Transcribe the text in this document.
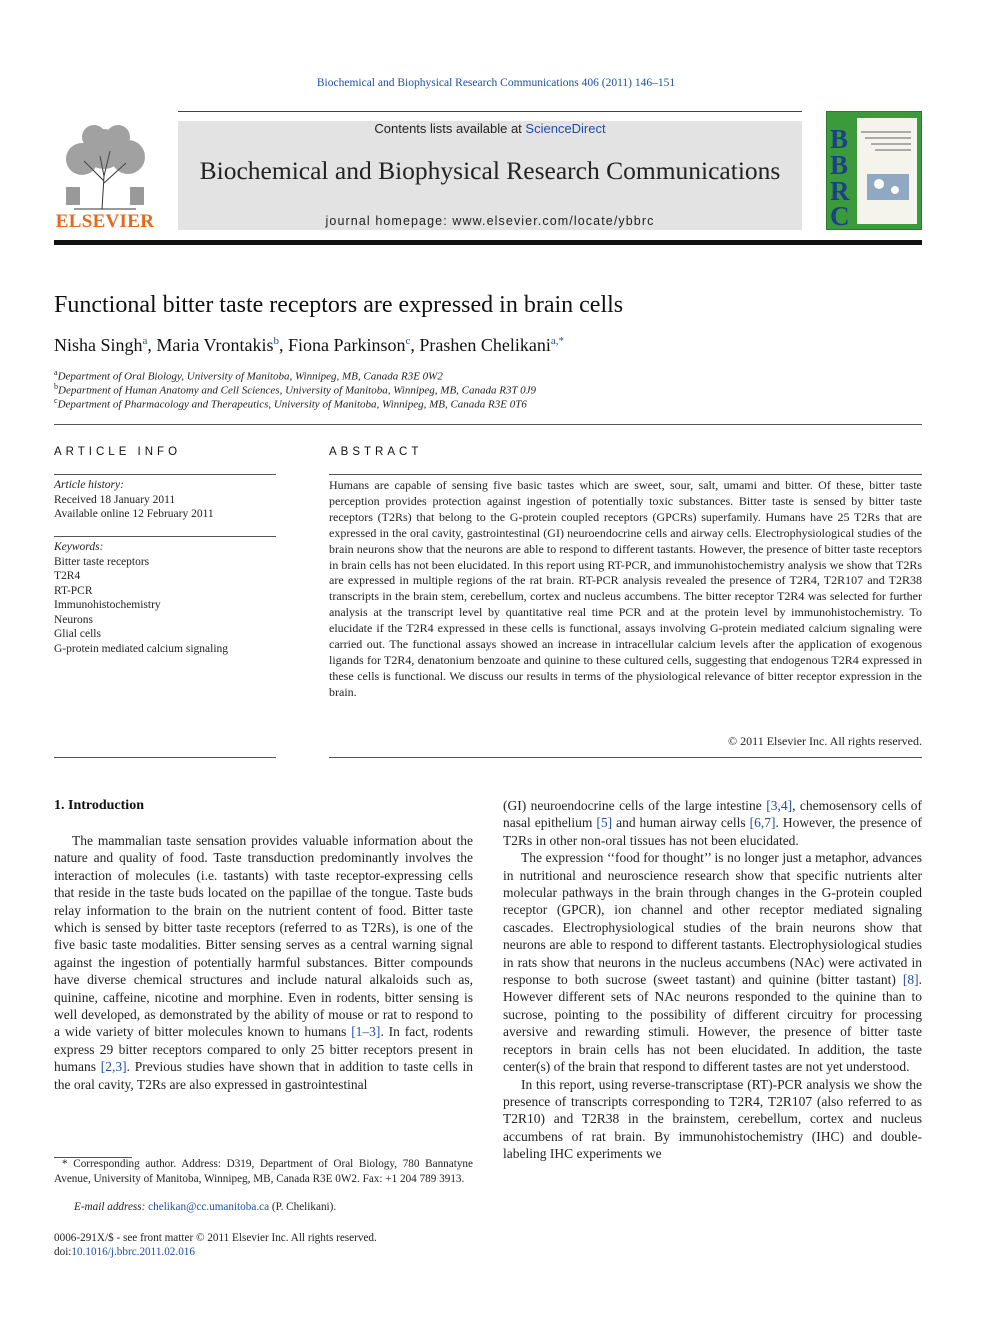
Biochemical and Biophysical Research Communications 406 (2011) 146–151
ELSEVIER
Contents lists available at ScienceDirect
Biochemical and Biophysical Research Communications
journal homepage: www.elsevier.com/locate/ybbrc
B
B
R
C
Functional bitter taste receptors are expressed in brain cells
Nisha Singh$^a$, Maria Vrontakis$^b$, Fiona Parkinson$^c$, Prashen Chelikani$^{a,*}$
$^a$Department of Oral Biology, University of Manitoba, Winnipeg, MB, Canada R3E 0W2
$^b$Department of Human Anatomy and Cell Sciences, University of Manitoba, Winnipeg, MB, Canada R3T 0J9
$^c$Department of Pharmacology and Therapeutics, University of Manitoba, Winnipeg, MB, Canada R3E 0T6
ARTICLE INFO
Article history:
Received 18 January 2011
Available online 12 February 2011
Keywords:
Bitter taste receptors
T2R4
RT-PCR
Immunohistochemistry
Neurons
Glial cells
G-protein mediated calcium signaling
ABSTRACT
Humans are capable of sensing five basic tastes which are sweet, sour, salt, umami and bitter. Of these, bitter taste perception provides protection against ingestion of potentially toxic substances. Bitter taste is sensed by bitter taste receptors (T2Rs) that belong to the G-protein coupled receptors (GPCRs) superfamily. Humans have 25 T2Rs that are expressed in the oral cavity, gastrointestinal (GI) neuroendocrine cells and airway cells. Electrophysiological studies of the brain neurons show that the neurons are able to respond to different tastants. However, the presence of bitter taste receptors in brain cells has not been elucidated. In this report using RT-PCR, and immunohistochemistry analysis we show that T2Rs are expressed in multiple regions of the rat brain. RT-PCR analysis revealed the presence of T2R4, T2R107 and T2R38 transcripts in the brain stem, cerebellum, cortex and nucleus accumbens. The bitter receptor T2R4 was selected for further analysis at the transcript level by quantitative real time PCR and at the protein level by immunohistochemistry. To elucidate if the T2R4 expressed in these cells is functional, assays involving G-protein mediated calcium signaling were carried out. The functional assays showed an increase in intracellular calcium levels after the application of exogenous ligands for T2R4, denatonium benzoate and quinine to these cultured cells, suggesting that endogenous T2R4 expressed in these cells is functional. We discuss our results in terms of the physiological relevance of bitter receptor expression in the brain.
© 2011 Elsevier Inc. All rights reserved.
1. Introduction

The mammalian taste sensation provides valuable information about the nature and quality of food. Taste transduction predominantly involves the interaction of molecules (i.e. tastants) with taste receptor-expressing cells that reside in the taste buds located on the papillae of the tongue. Taste buds relay information to the brain on the nutrient content of food. Bitter taste which is sensed by bitter taste receptors (referred to as T2Rs), is one of the five basic taste modalities. Bitter sensing serves as a central warning signal against the ingestion of potentially harmful substances. Bitter compounds have diverse chemical structures and include natural alkaloids such as, quinine, caffeine, nicotine and morphine. Even in rodents, bitter sensing is well developed, as demonstrated by the ability of mouse or rat to respond to a wide variety of bitter molecules known to humans [1–3]. In fact, rodents express 29 bitter receptors compared to only 25 bitter receptors present in humans [2,3]. Previous studies have shown that in addition to taste cells in the oral cavity, T2Rs are also expressed in gastrointestinal

(GI) neuroendocrine cells of the large intestine [3,4], chemosensory cells of nasal epithelium [5] and human airway cells [6,7]. However, the presence of T2Rs in other non-oral tissues has not been elucidated.

The expression ‘‘food for thought’’ is no longer just a metaphor, advances in nutritional and neuroscience research show that specific nutrients alter molecular pathways in the brain through changes in the G-protein coupled receptor (GPCR), ion channel and other receptor mediated signaling cascades. Electrophysiological studies of the brain neurons show that neurons are able to respond to different tastants. Electrophysiological studies in rats show that neurons in the nucleus accumbens (NAc) were activated in response to both sucrose (sweet tastant) and quinine (bitter tastant) [8]. However different sets of NAc neurons responded to the quinine than to sucrose, pointing to the possibility of different circuitry for processing aversive and rewarding stimuli. However, the presence of bitter taste receptors in brain cells has not been elucidated. In addition, the taste center(s) of the brain that respond to different tastes are not yet understood.

In this report, using reverse-transcriptase (RT)-PCR analysis we show the presence of transcripts corresponding to T2R4, T2R107 (also referred to as T2R10) and T2R38 in the brainstem, cerebellum, cortex and nucleus accumbens of rat brain. By immunohistochemistry (IHC) and double-labeling IHC experiments we

* Corresponding author. Address: D319, Department of Oral Biology, 780 Bannatyne Avenue, University of Manitoba, Winnipeg, MB, Canada R3E 0W2. Fax: +1 204 789 3913.
E-mail address: chelikan@cc.umanitoba.ca (P. Chelikani).
0006-291X/$ - see front matter © 2011 Elsevier Inc. All rights reserved.
doi:10.1016/j.bbrc.2011.02.016
